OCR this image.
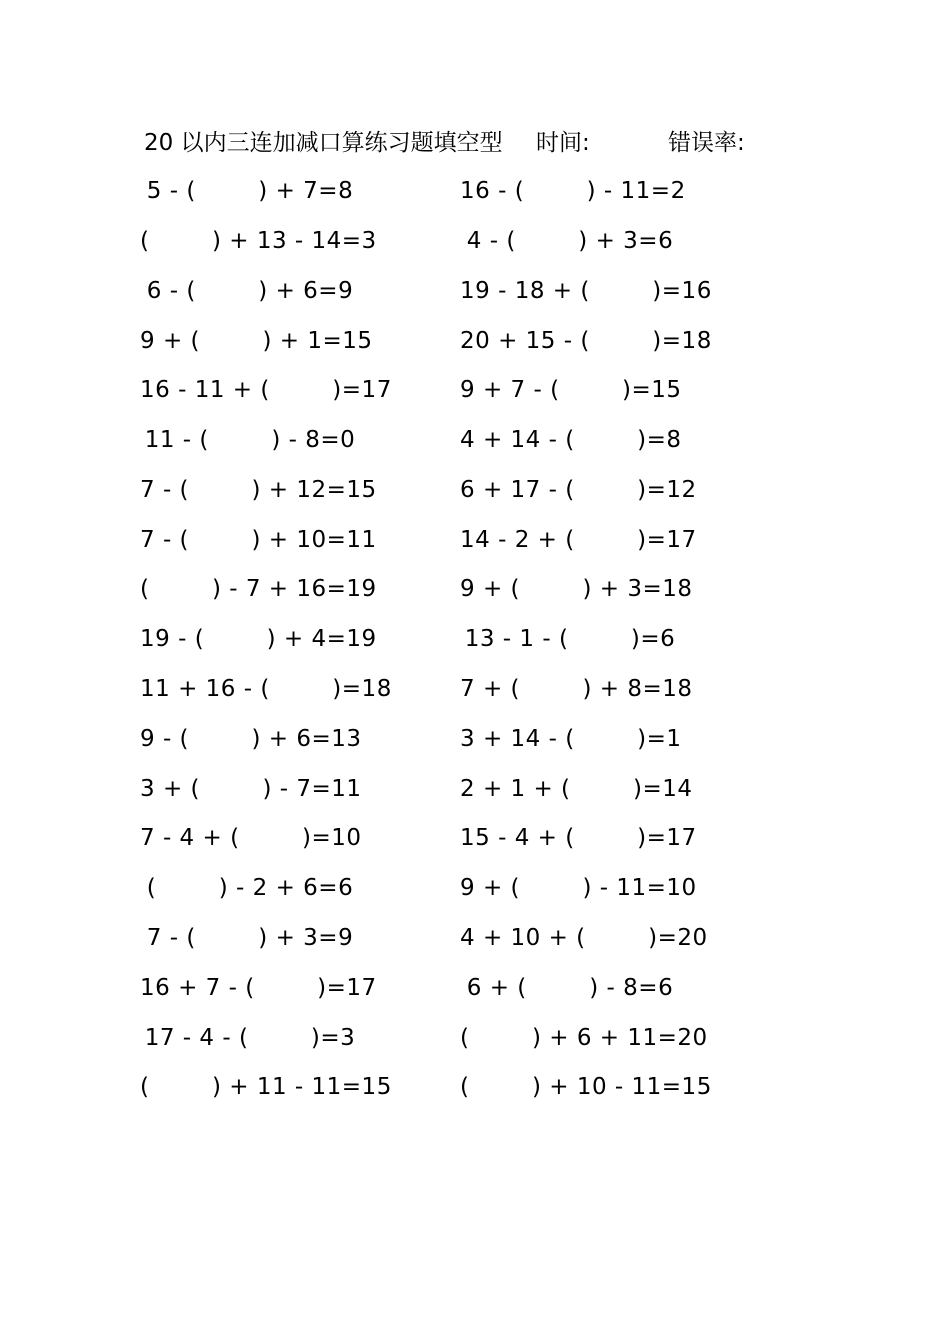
20 以内三连加减口算练习题填空型 时间:	错误率:
5 - (        ) + 7=8	16 - (        ) - 11=2
(        ) + 13 - 14=3	4 - (        ) + 3=6
6 - (        ) + 6=9	19 - 18 + (        )=16
9 + (        ) + 1=15	20 + 15 - (        )=18
16 - 11 + (        )=17	9 + 7 - (        )=15
11 - (        ) - 8=0	4 + 14 - (        )=8
7 - (        ) + 12=15	6 + 17 - (        )=12
7 - (        ) + 10=11	14 - 2 + (        )=17
(        ) - 7 + 16=19	9 + (        ) + 3=18
19 - (        ) + 4=19	13 - 1 - (        )=6
11 + 16 - (        )=18	7 + (        ) + 8=18
9 - (        ) + 6=13	3 + 14 - (        )=1
3 + (        ) - 7=11	2 + 1 + (        )=14
7 - 4 + (        )=10	15 - 4 + (        )=17
(        ) - 2 + 6=6	9 + (        ) - 11=10
7 - (        ) + 3=9	4 + 10 + (        )=20
16 + 7 - (        )=17	6 + (        ) - 8=6
17 - 4 - (        )=3	(        ) + 6 + 11=20
(        ) + 11 - 11=15	(        ) + 10 - 11=15
